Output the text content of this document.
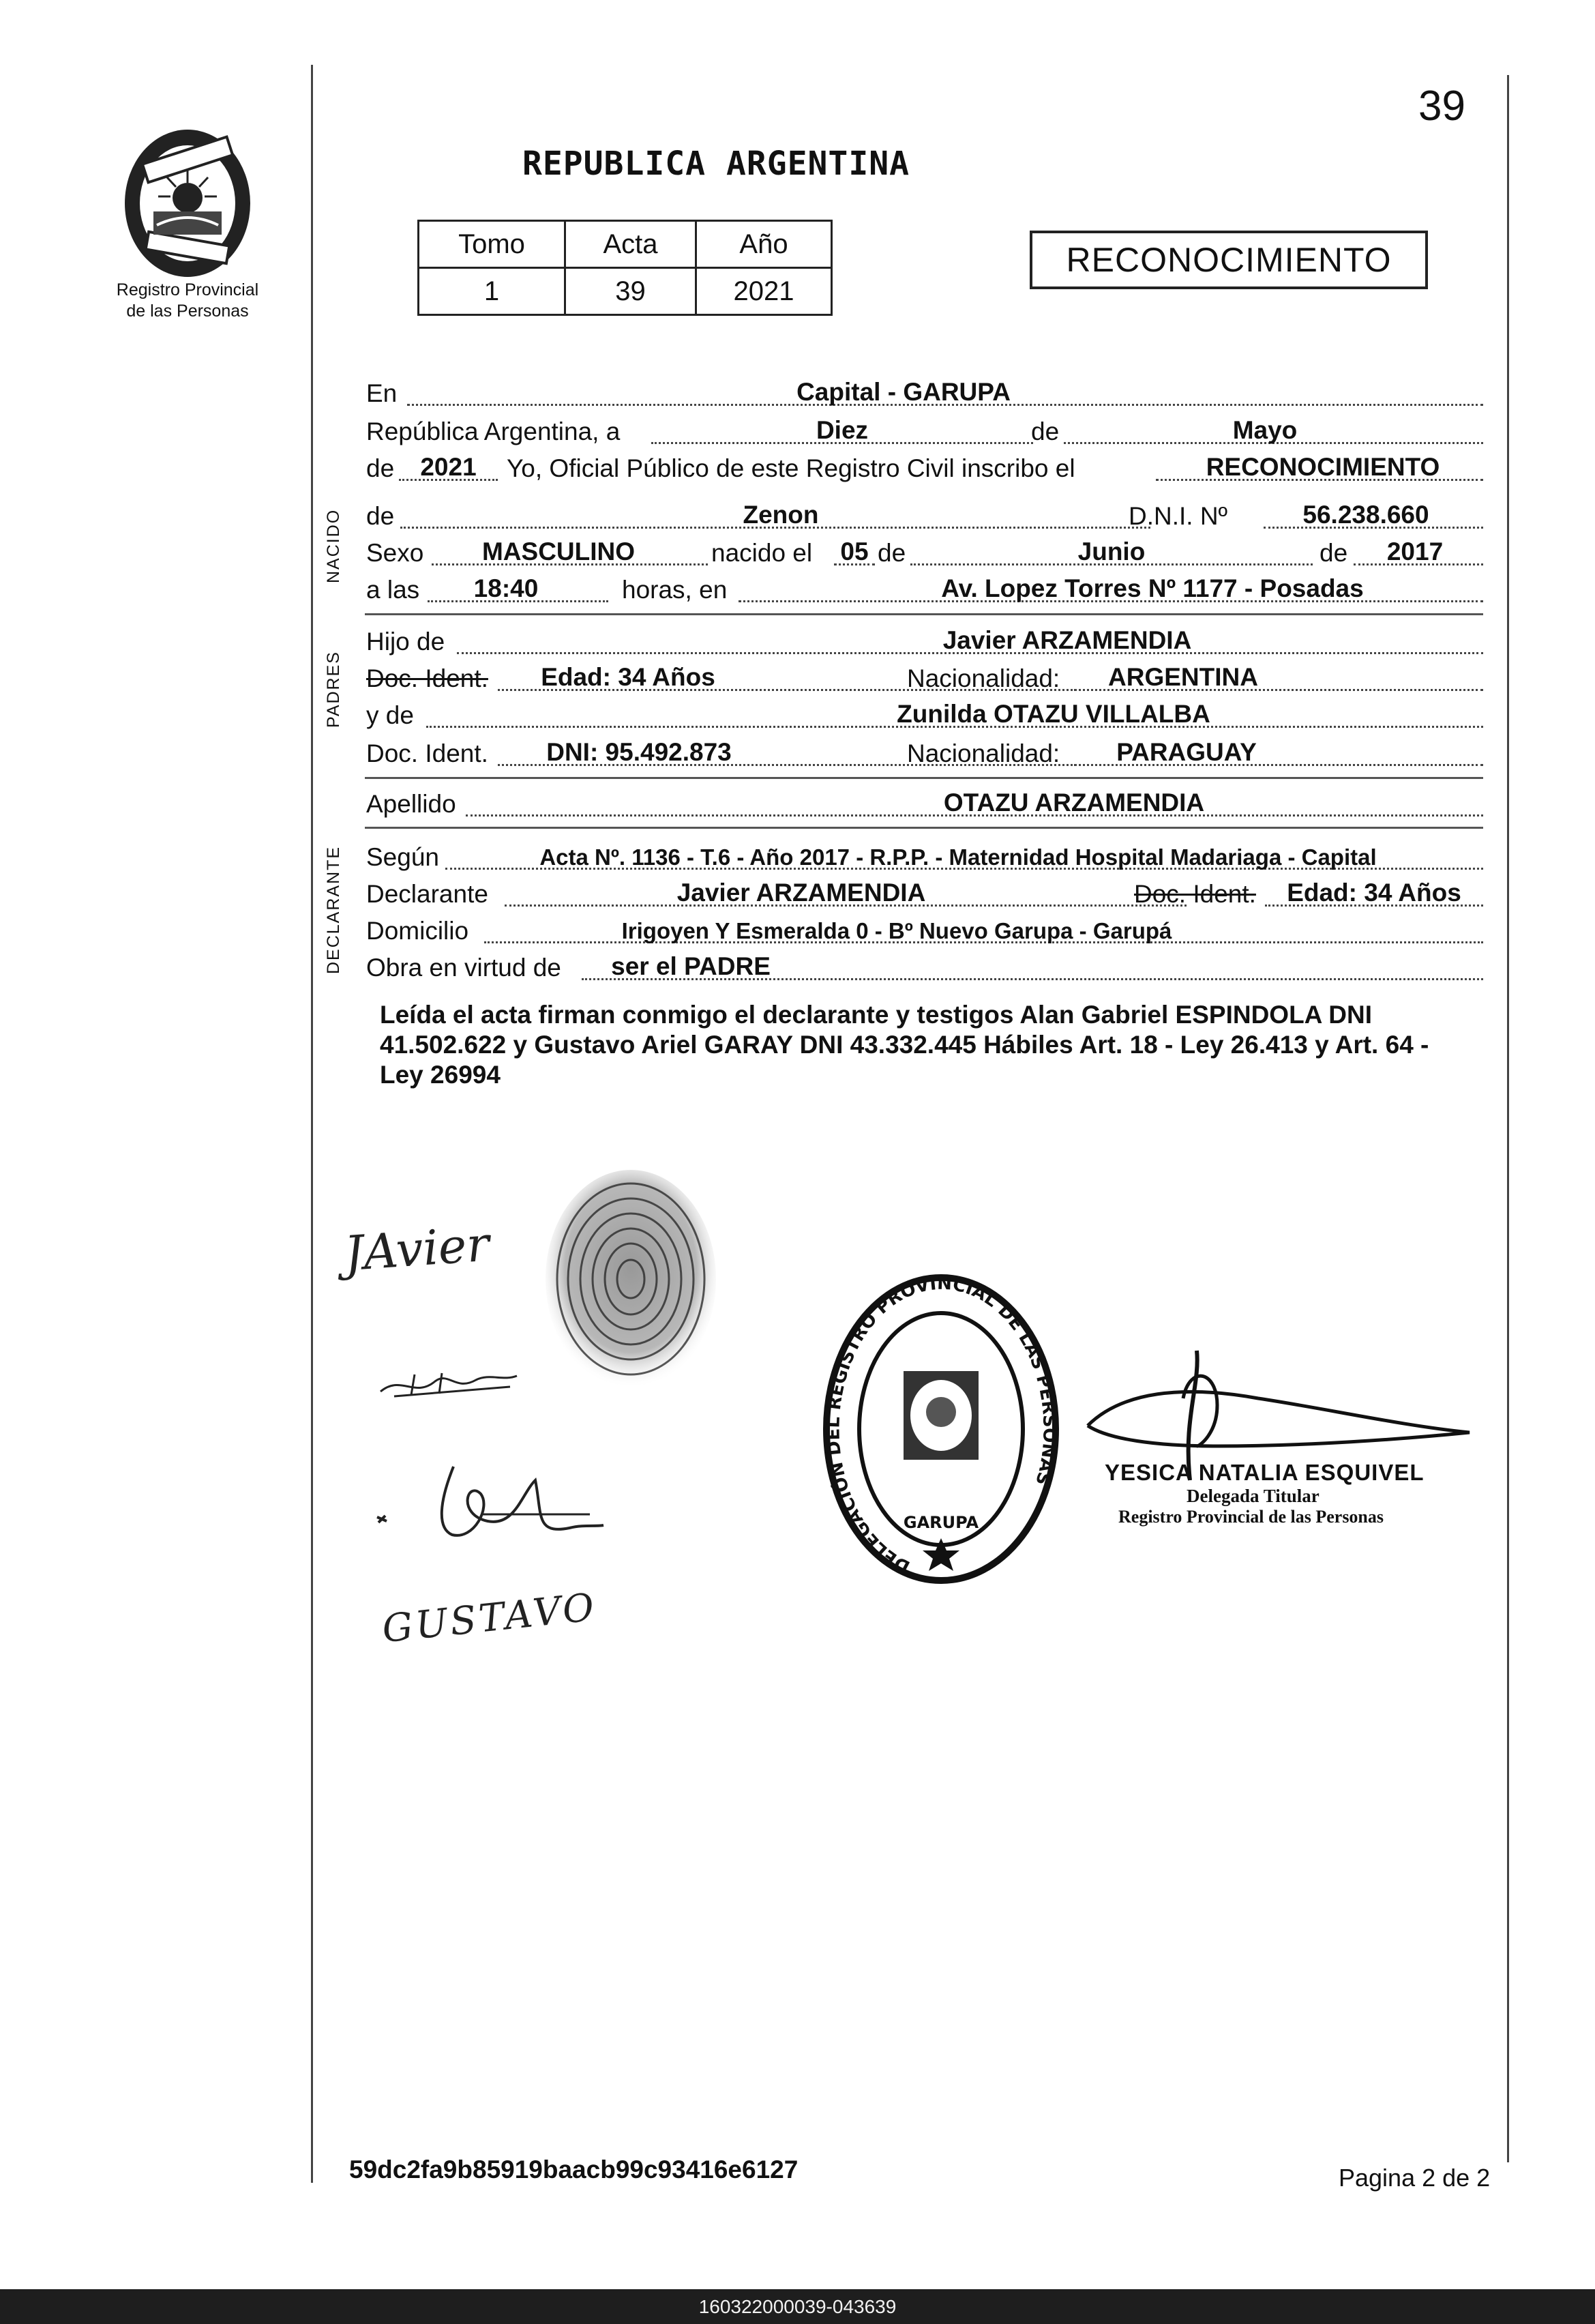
39
Registro Provincial
de las Personas
REPUBLICA ARGENTINA
Tomo	Acta	Año
1	39	2021
RECONOCIMIENTO
NACIDO
PADRES
DECLARANTE
En	Capital - GARUPA
República Argentina, a	Diez	de	Mayo
de	2021	Yo, Oficial Público de este Registro Civil inscribo el	RECONOCIMIENTO
de	Zenon	D.N.I. Nº	56.238.660
Sexo	MASCULINO	nacido el 05 de	Junio	de	2017
a las	18:40	horas, en	Av. Lopez Torres Nº 1177 - Posadas
Hijo de	Javier ARZAMENDIA
Doc. Ident.	Edad: 34 Años	Nacionalidad:	ARGENTINA
y de	Zunilda OTAZU VILLALBA
Doc. Ident.	DNI: 95.492.873	Nacionalidad:	PARAGUAY
Apellido	OTAZU ARZAMENDIA
Según	Acta Nº. 1136 - T.6 - Año 2017 - R.P.P. - Maternidad Hospital Madariaga - Capital
Declarante	Javier ARZAMENDIA	Doc. Ident.	Edad: 34 Años
Domicilio	Irigoyen Y Esmeralda 0 - Bº Nuevo Garupa - Garupá
Obra en virtud de	ser el PADRE
Leída el acta firman conmigo el declarante y testigos Alan Gabriel ESPINDOLA DNI 41.502.622 y Gustavo Ariel GARAY DNI 43.332.445 Hábiles Art. 18 - Ley 26.413 y Art. 64 - Ley 26994
JAvier
GUSTAVO
DELEGACIÓN DEL REGISTRO PROVINCIAL DE LAS PERSONAS
GARUPA
YESICA NATALIA ESQUIVEL
Delegada Titular
Registro Provincial de las Personas
59dc2fa9b85919baacb99c93416e6127	Pagina 2 de 2
160322000039-043639
